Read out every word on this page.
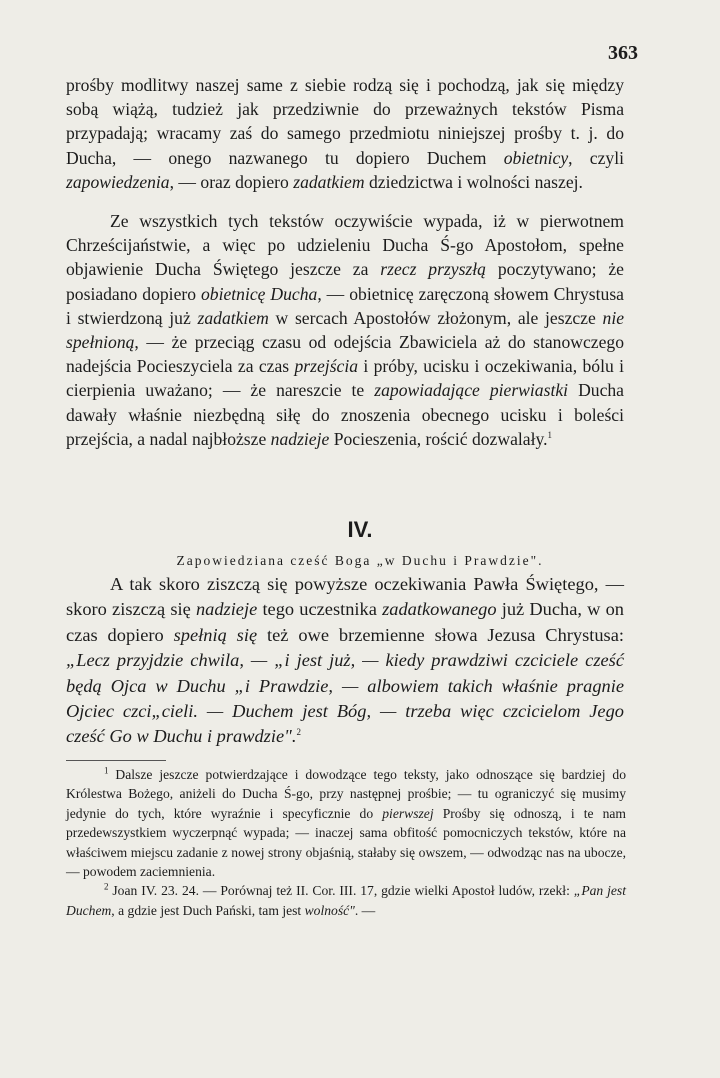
363

prośby modlitwy naszej same z siebie rodzą się i pochodzą, jak się między sobą wiążą, tudzież jak przedziwnie do przeważnych tekstów Pisma przypadają; wracamy zaś do samego przedmiotu niniejszej prośby t. j. do Ducha, — onego nazwanego tu dopiero Duchem obietnicy, czyli zapowiedzenia, — oraz dopiero zadatkiem dziedzictwa i wolności naszej.

Ze wszystkich tych tekstów oczywiście wypada, iż w pierwotnem Chrześcijaństwie, a więc po udzieleniu Ducha Ś-go Apostołom, spełne objawienie Ducha Świętego jeszcze za rzecz przyszłą poczytywano; że posiadano dopiero obietnicę Ducha, — obietnicę zaręczoną słowem Chrystusa i stwierdzoną już zadatkiem w sercach Apostołów złożonym, ale jeszcze nie spełnioną, — że przeciąg czasu od odejścia Zbawiciela aż do stanowczego nadejścia Pocieszyciela za czas przejścia i próby, ucisku i oczekiwania, bólu i cierpienia uważano; — że nareszcie te zapowiadające pierwiastki Ducha dawały właśnie niezbędną siłę do znoszenia obecnego ucisku i boleści przejścia, a nadal najbłoższe nadzieje Pocieszenia, rościć dozwalały.$^1$

IV.
Zapowiedziana cześć Boga „w Duchu i Prawdzie".

A tak skoro ziszczą się powyższe oczekiwania Pawła Świętego, — skoro ziszczą się nadzieje tego uczestnika zadatkowanego już Ducha, w on czas dopiero spełnią się też owe brzemienne słowa Jezusa Chrystusa: „Lecz przyjdzie chwila, — „i jest już, — kiedy prawdziwi czciciele cześć będą Ojca w Duchu „i Prawdzie, — albowiem takich właśnie pragnie Ojciec czci„cieli. — Duchem jest Bóg, — trzeba więc czcicielom Jego cześć Go w Duchu i prawdzie".$^2$

$^1$ Dalsze jeszcze potwierdzające i dowodzące tego teksty, jako odnoszące się bardziej do Królestwa Bożego, aniżeli do Ducha Ś-go, przy następnej prośbie; — tu ograniczyć się musimy jedynie do tych, które wyraźnie i specyficznie do pierwszej Prośby się odnoszą, i te nam przedewszystkiem wyczerpnąć wypada; — inaczej sama obfitość pomocniczych tekstów, które na właściwem miejscu zadanie z nowej strony objaśnią, stałaby się owszem, — odwodząc nas na ubocze, — powodem zaciemnienia.

$^2$ Joan IV. 23. 24. — Porównaj też II. Cor. III. 17, gdzie wielki Apostoł ludów, rzekł: „Pan jest Duchem, a gdzie jest Duch Pański, tam jest wolność". —
